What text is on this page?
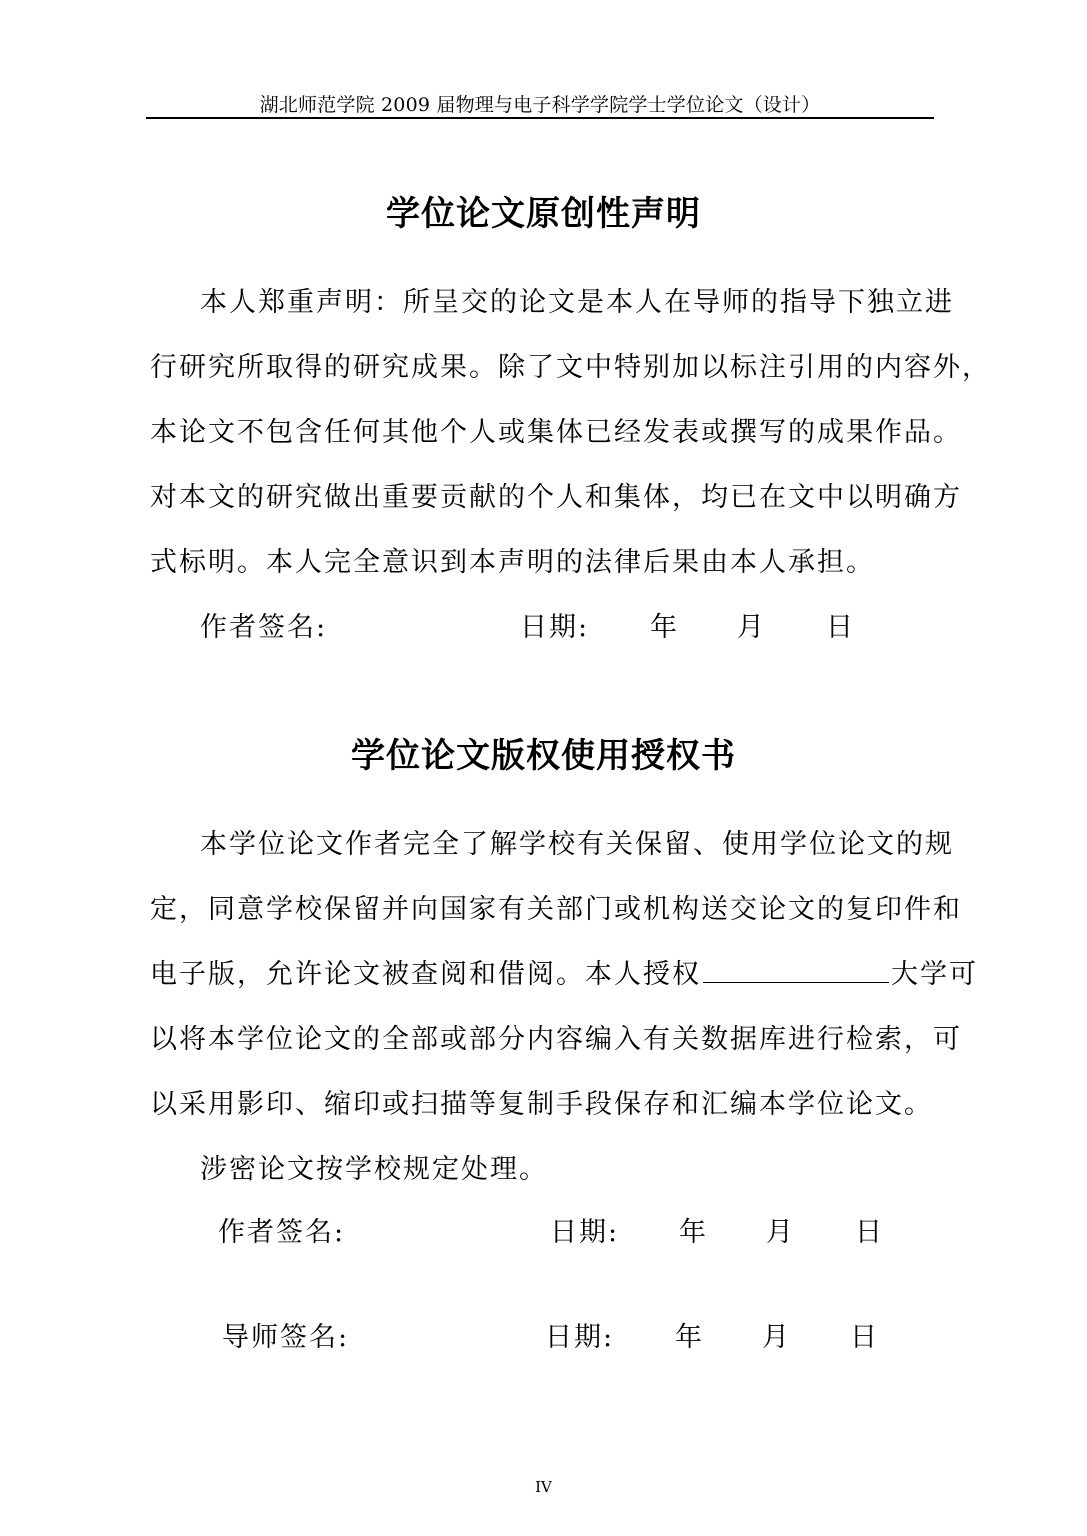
湖北师范学院 2009 届物理与电子科学学院学士学位论文（设计）
学位论文原创性声明
本人郑重声明：所呈交的论文是本人在导师的指导下独立进
行研究所取得的研究成果。除了文中特别加以标注引用的内容外，
本论文不包含任何其他个人或集体已经发表或撰写的成果作品。
对本文的研究做出重要贡献的个人和集体，均已在文中以明确方
式标明。本人完全意识到本声明的法律后果由本人承担。
作者签名:	日期: 年 月 日
学位论文版权使用授权书
本学位论文作者完全了解学校有关保留、使用学位论文的规
定，同意学校保留并向国家有关部门或机构送交论文的复印件和
电子版，允许论文被查阅和借阅。本人授权	大学可
以将本学位论文的全部或部分内容编入有关数据库进行检索，可
以采用影印、缩印或扫描等复制手段保存和汇编本学位论文。
涉密论文按学校规定处理。
作者签名:	日期: 年 月 日
导师签名:	日期: 年 月 日
IV
